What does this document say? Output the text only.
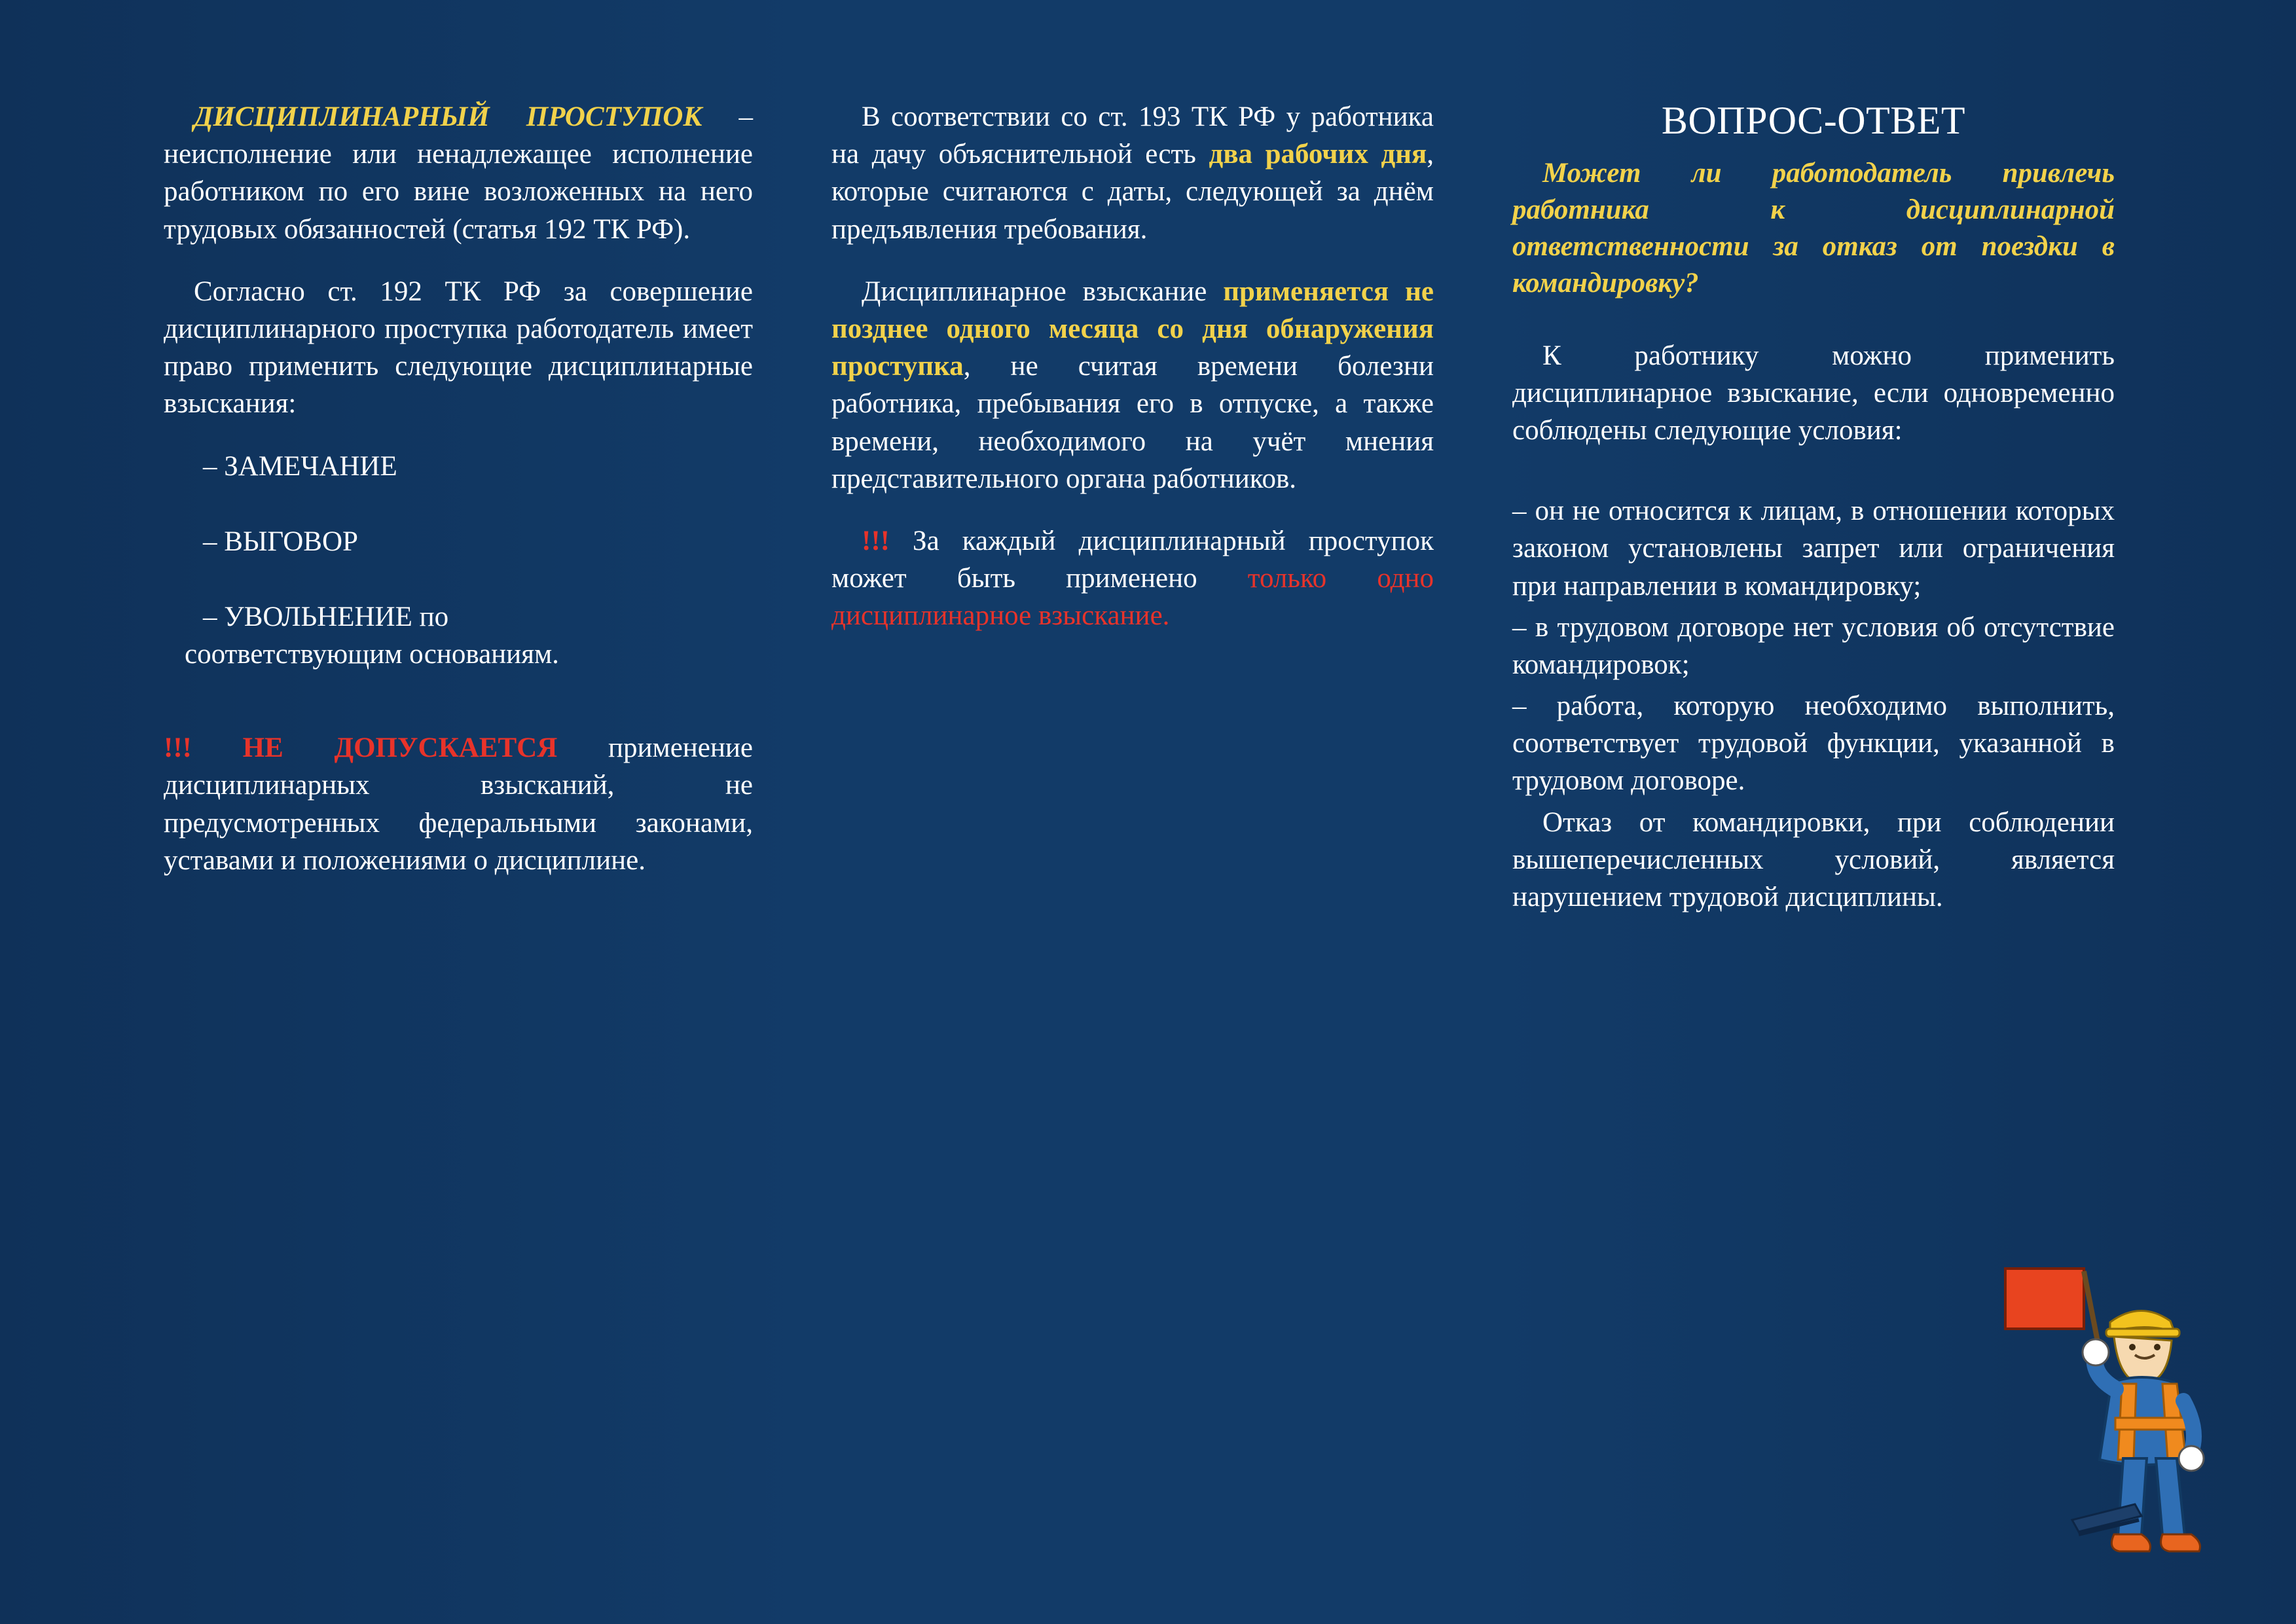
ДИСЦИПЛИНАРНЫЙ ПРОСТУПОК – неисполнение или ненадлежащее исполнение работником по его вине возложенных на него трудовых обязанностей (статья 192 ТК РФ).

Согласно ст. 192 ТК РФ за совершение дисциплинарного проступка работодатель имеет право применить следующие дисциплинарные взыскания:

– ЗАМЕЧАНИЕ
– ВЫГОВОР
– УВОЛЬНЕНИЕ по
соответствующим основаниям.

!!! НЕ ДОПУСКАЕТСЯ применение дисциплинарных взысканий, не предусмотренных федеральными законами, уставами и положениями о дисциплине.

В соответствии со ст. 193 ТК РФ у работника на дачу объяснительной есть два рабочих дня, которые считаются с даты, следующей за днём предъявления требования.

Дисциплинарное взыскание применяется не позднее одного месяца со дня обнаружения проступка, не считая времени болезни работника, пребывания его в отпуске, а также времени, необходимого на учёт мнения представительного органа работников.

!!! За каждый дисциплинарный проступок может быть применено только одно дисциплинарное взыскание.

ВОПРОС-ОТВЕТ

Может ли работодатель привлечь работника к дисциплинарной ответственности за отказ от поездки в командировку?

К работнику можно применить дисциплинарное взыскание, если одновременно соблюдены следующие условия:

– он не относится к лицам, в отношении которых законом установлены запрет или ограничения при направлении в командировку;

– в трудовом договоре нет условия об отсутствие командировок;

– работа, которую необходимо выполнить, соответствует трудовой функции, указанной в трудовом договоре.

Отказ от командировки, при соблюдении вышеперечисленных условий, является нарушением трудовой дисциплины.
